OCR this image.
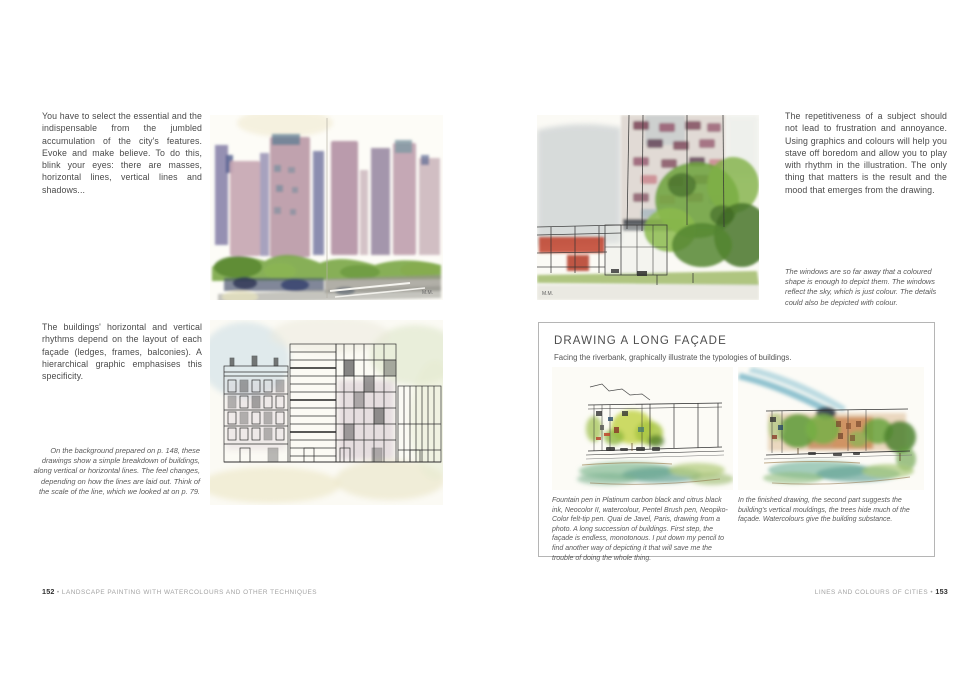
You have to select the essential and the indispensable from the jumbled accumulation of the city's features. Evoke and make believe. To do this, blink your eyes: there are masses, horizontal lines, vertical lines and shadows...
M.M.
The buildings' horizontal and vertical rhythms depend on the layout of each façade (ledges, frames, balconies). A hierarchical graphic emphasises this specificity.
On the background prepared on p. 148, these drawings show a simple breakdown of buildings, along vertical or horizontal lines. The feel changes, depending on how the lines are laid out. Think of the scale of the line, which we looked at on p. 79.
152 • LANDSCAPE PAINTING WITH WATERCOLOURS AND OTHER TECHNIQUES
M.M.
The repetitiveness of a subject should not lead to frustration and annoyance. Using graphics and colours will help you stave off boredom and allow you to play with rhythm in the illustration. The only thing that matters is the result and the mood that emerges from the drawing.
The windows are so far away that a coloured shape is enough to depict them. The windows reflect the sky, which is just colour. The details could also be depicted with colour.
DRAWING A LONG FAÇADE
Facing the riverbank, graphically illustrate the typologies of buildings.
Fountain pen in Platinum carbon black and citrus black ink, Neocolor II, watercolour, Pentel Brush pen, Neopiko-Color felt-tip pen. Quai de Javel, Paris, drawing from a photo. A long succession of buildings. First step, the façade is endless, monotonous. I put down my pencil to find another way of depicting it that will save me the trouble of doing the whole thing.
In the finished drawing, the second part suggests the building's vertical mouldings, the trees hide much of the façade. Watercolours give the building substance.
LINES AND COLOURS OF CITIES • 153
